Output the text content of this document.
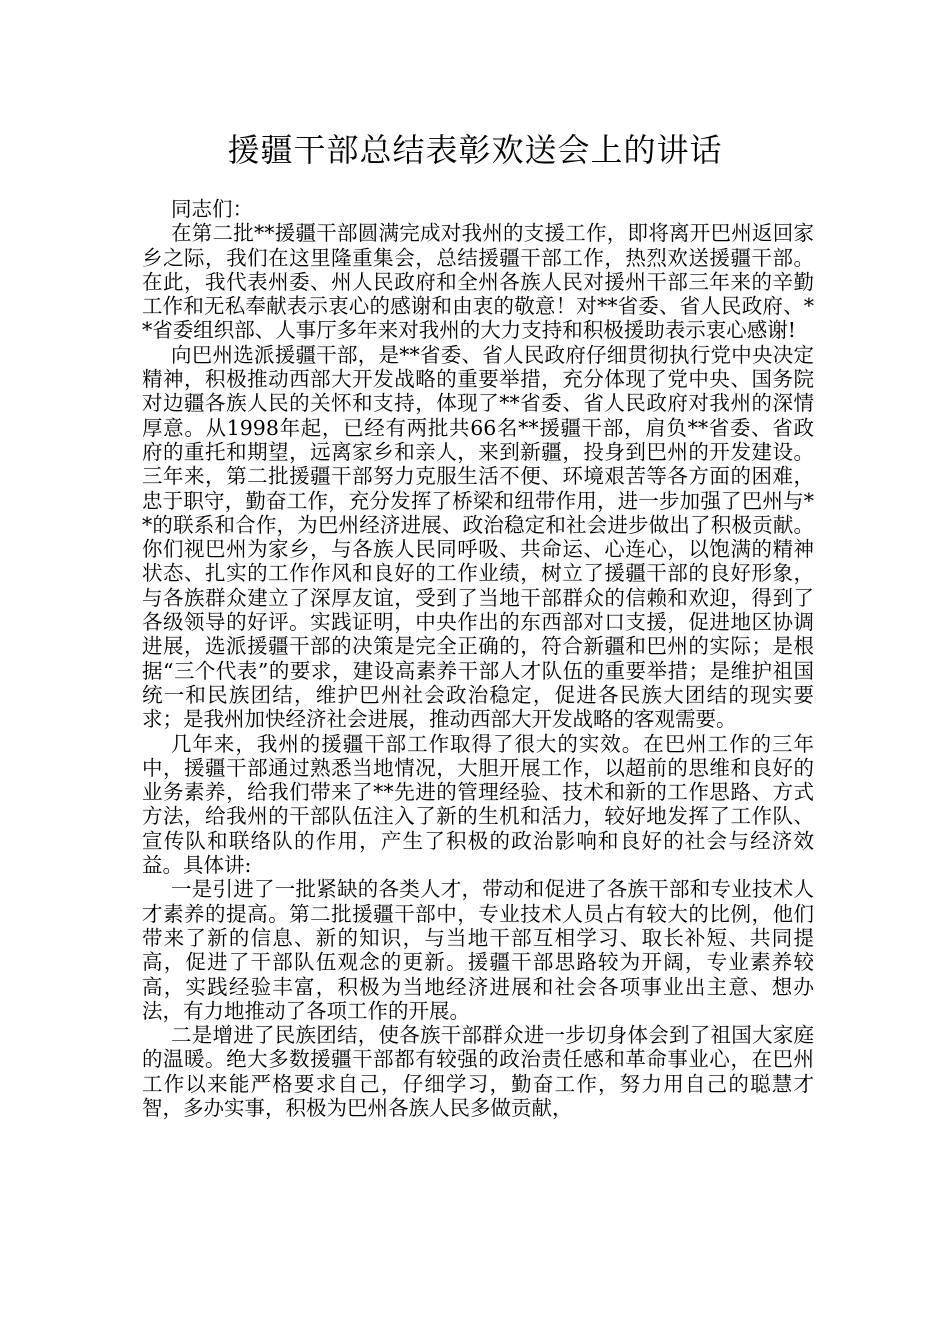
援疆干部总结表彰欢送会上的讲话

同志们：

在第二批**援疆干部圆满完成对我州的支援工作，即将离开巴州返回家乡之际，我们在这里隆重集会，总结援疆干部工作，热烈欢送援疆干部。在此，我代表州委、州人民政府和全州各族人民对援州干部三年来的辛勤工作和无私奉献表示衷心的感谢和由衷的敬意！对**省委、省人民政府、**省委组织部、人事厅多年来对我州的大力支持和积极援助表示衷心感谢!

向巴州选派援疆干部，是**省委、省人民政府仔细贯彻执行党中央决定精神，积极推动西部大开发战略的重要举措，充分体现了党中央、国务院对边疆各族人民的关怀和支持，体现了**省委、省人民政府对我州的深情厚意。从1998年起，已经有两批共66名**援疆干部，肩负**省委、省政府的重托和期望，远离家乡和亲人，来到新疆，投身到巴州的开发建设。三年来，第二批援疆干部努力克服生活不便、环境艰苦等各方面的困难，忠于职守，勤奋工作，充分发挥了桥梁和纽带作用，进一步加强了巴州与**的联系和合作，为巴州经济进展、政治稳定和社会进步做出了积极贡献。你们视巴州为家乡，与各族人民同呼吸、共命运、心连心，以饱满的精神状态、扎实的工作作风和良好的工作业绩，树立了援疆干部的良好形象，与各族群众建立了深厚友谊，受到了当地干部群众的信赖和欢迎，得到了各级领导的好评。实践证明，中央作出的东西部对口支援，促进地区协调进展，选派援疆干部的决策是完全正确的，符合新疆和巴州的实际；是根据“三个代表”的要求，建设高素养干部人才队伍的重要举措；是维护祖国统一和民族团结，维护巴州社会政治稳定，促进各民族大团结的现实要求；是我州加快经济社会进展，推动西部大开发战略的客观需要。

几年来，我州的援疆干部工作取得了很大的实效。在巴州工作的三年中，援疆干部通过熟悉当地情况，大胆开展工作，以超前的思维和良好的业务素养，给我们带来了**先进的管理经验、技术和新的工作思路、方式方法，给我州的干部队伍注入了新的生机和活力，较好地发挥了工作队、宣传队和联络队的作用，产生了积极的政治影响和良好的社会与经济效益。具体讲:

一是引进了一批紧缺的各类人才，带动和促进了各族干部和专业技术人才素养的提高。第二批援疆干部中，专业技术人员占有较大的比例，他们带来了新的信息、新的知识，与当地干部互相学习、取长补短、共同提高，促进了干部队伍观念的更新。援疆干部思路较为开阔，专业素养较高，实践经验丰富，积极为当地经济进展和社会各项事业出主意、想办法，有力地推动了各项工作的开展。

二是增进了民族团结，使各族干部群众进一步切身体会到了祖国大家庭的温暖。绝大多数援疆干部都有较强的政治责任感和革命事业心，在巴州工作以来能严格要求自己，仔细学习，勤奋工作，努力用自己的聪慧才智，多办实事，积极为巴州各族人民多做贡献，
